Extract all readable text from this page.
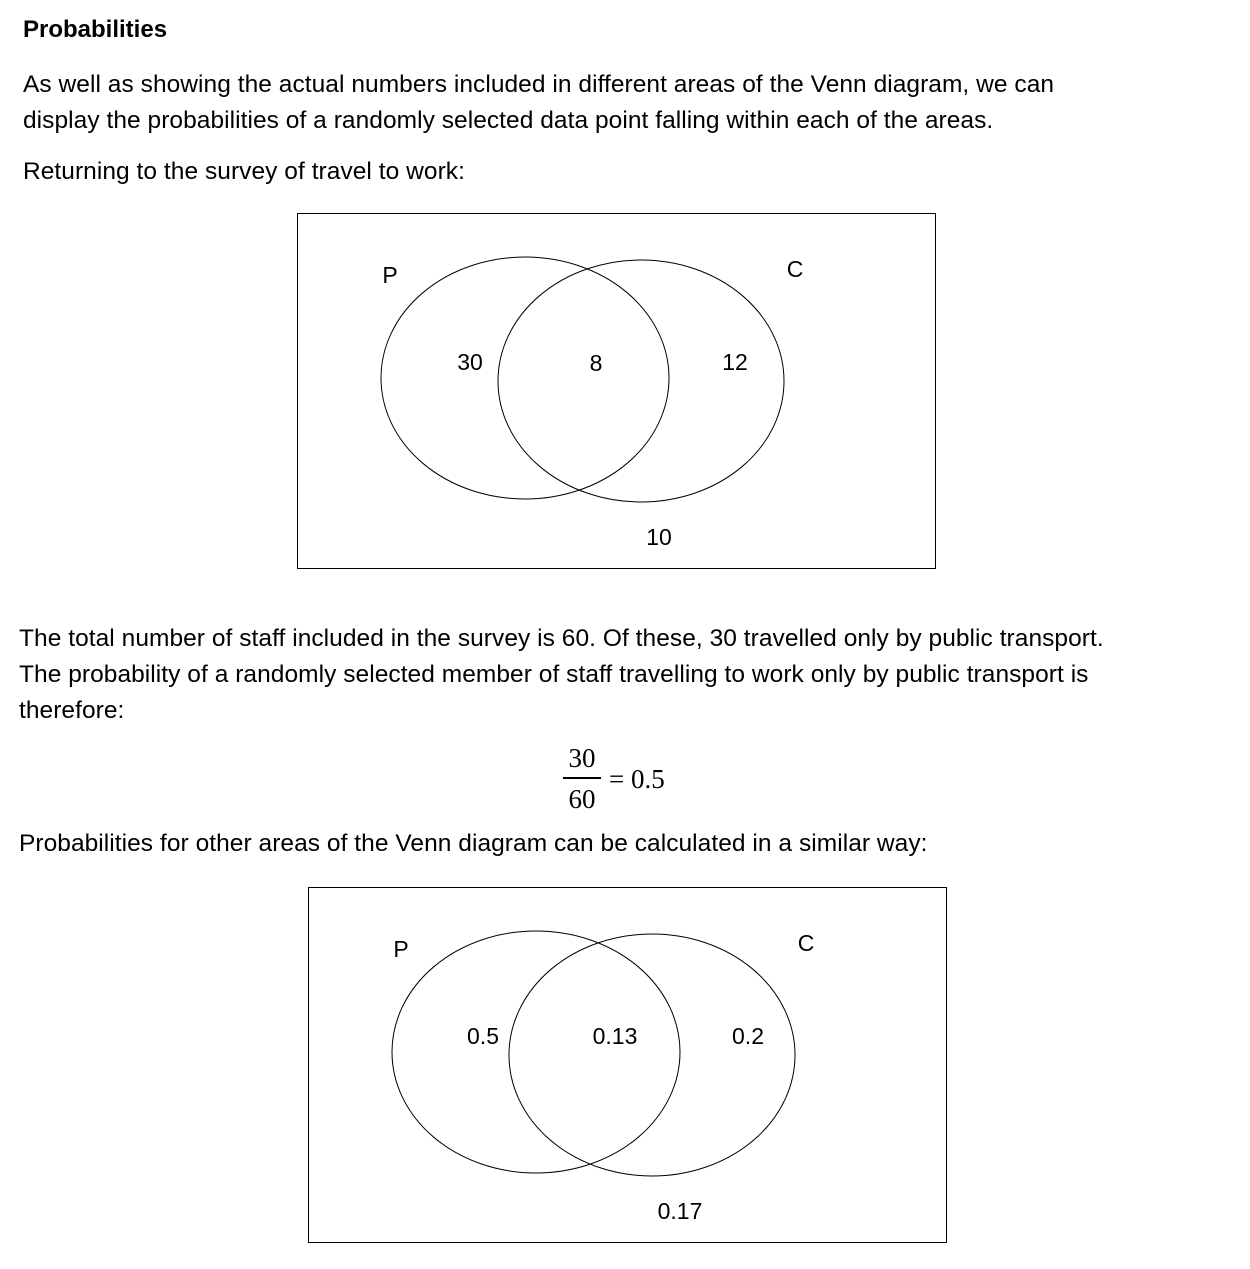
Probabilities
As well as showing the actual numbers included in different areas of the Venn diagram, we can
display the probabilities of a randomly selected data point falling within each of the areas.
Returning to the survey of travel to work:
P	C
30	8	12
10
The total number of staff included in the survey is 60. Of these, 30 travelled only by public transport.
The probability of a randomly selected member of staff travelling to work only by public transport is
therefore:
30
60
= 0.5
Probabilities for other areas of the Venn diagram can be calculated in a similar way:
P	C
0.5	0.13	0.2
0.17
